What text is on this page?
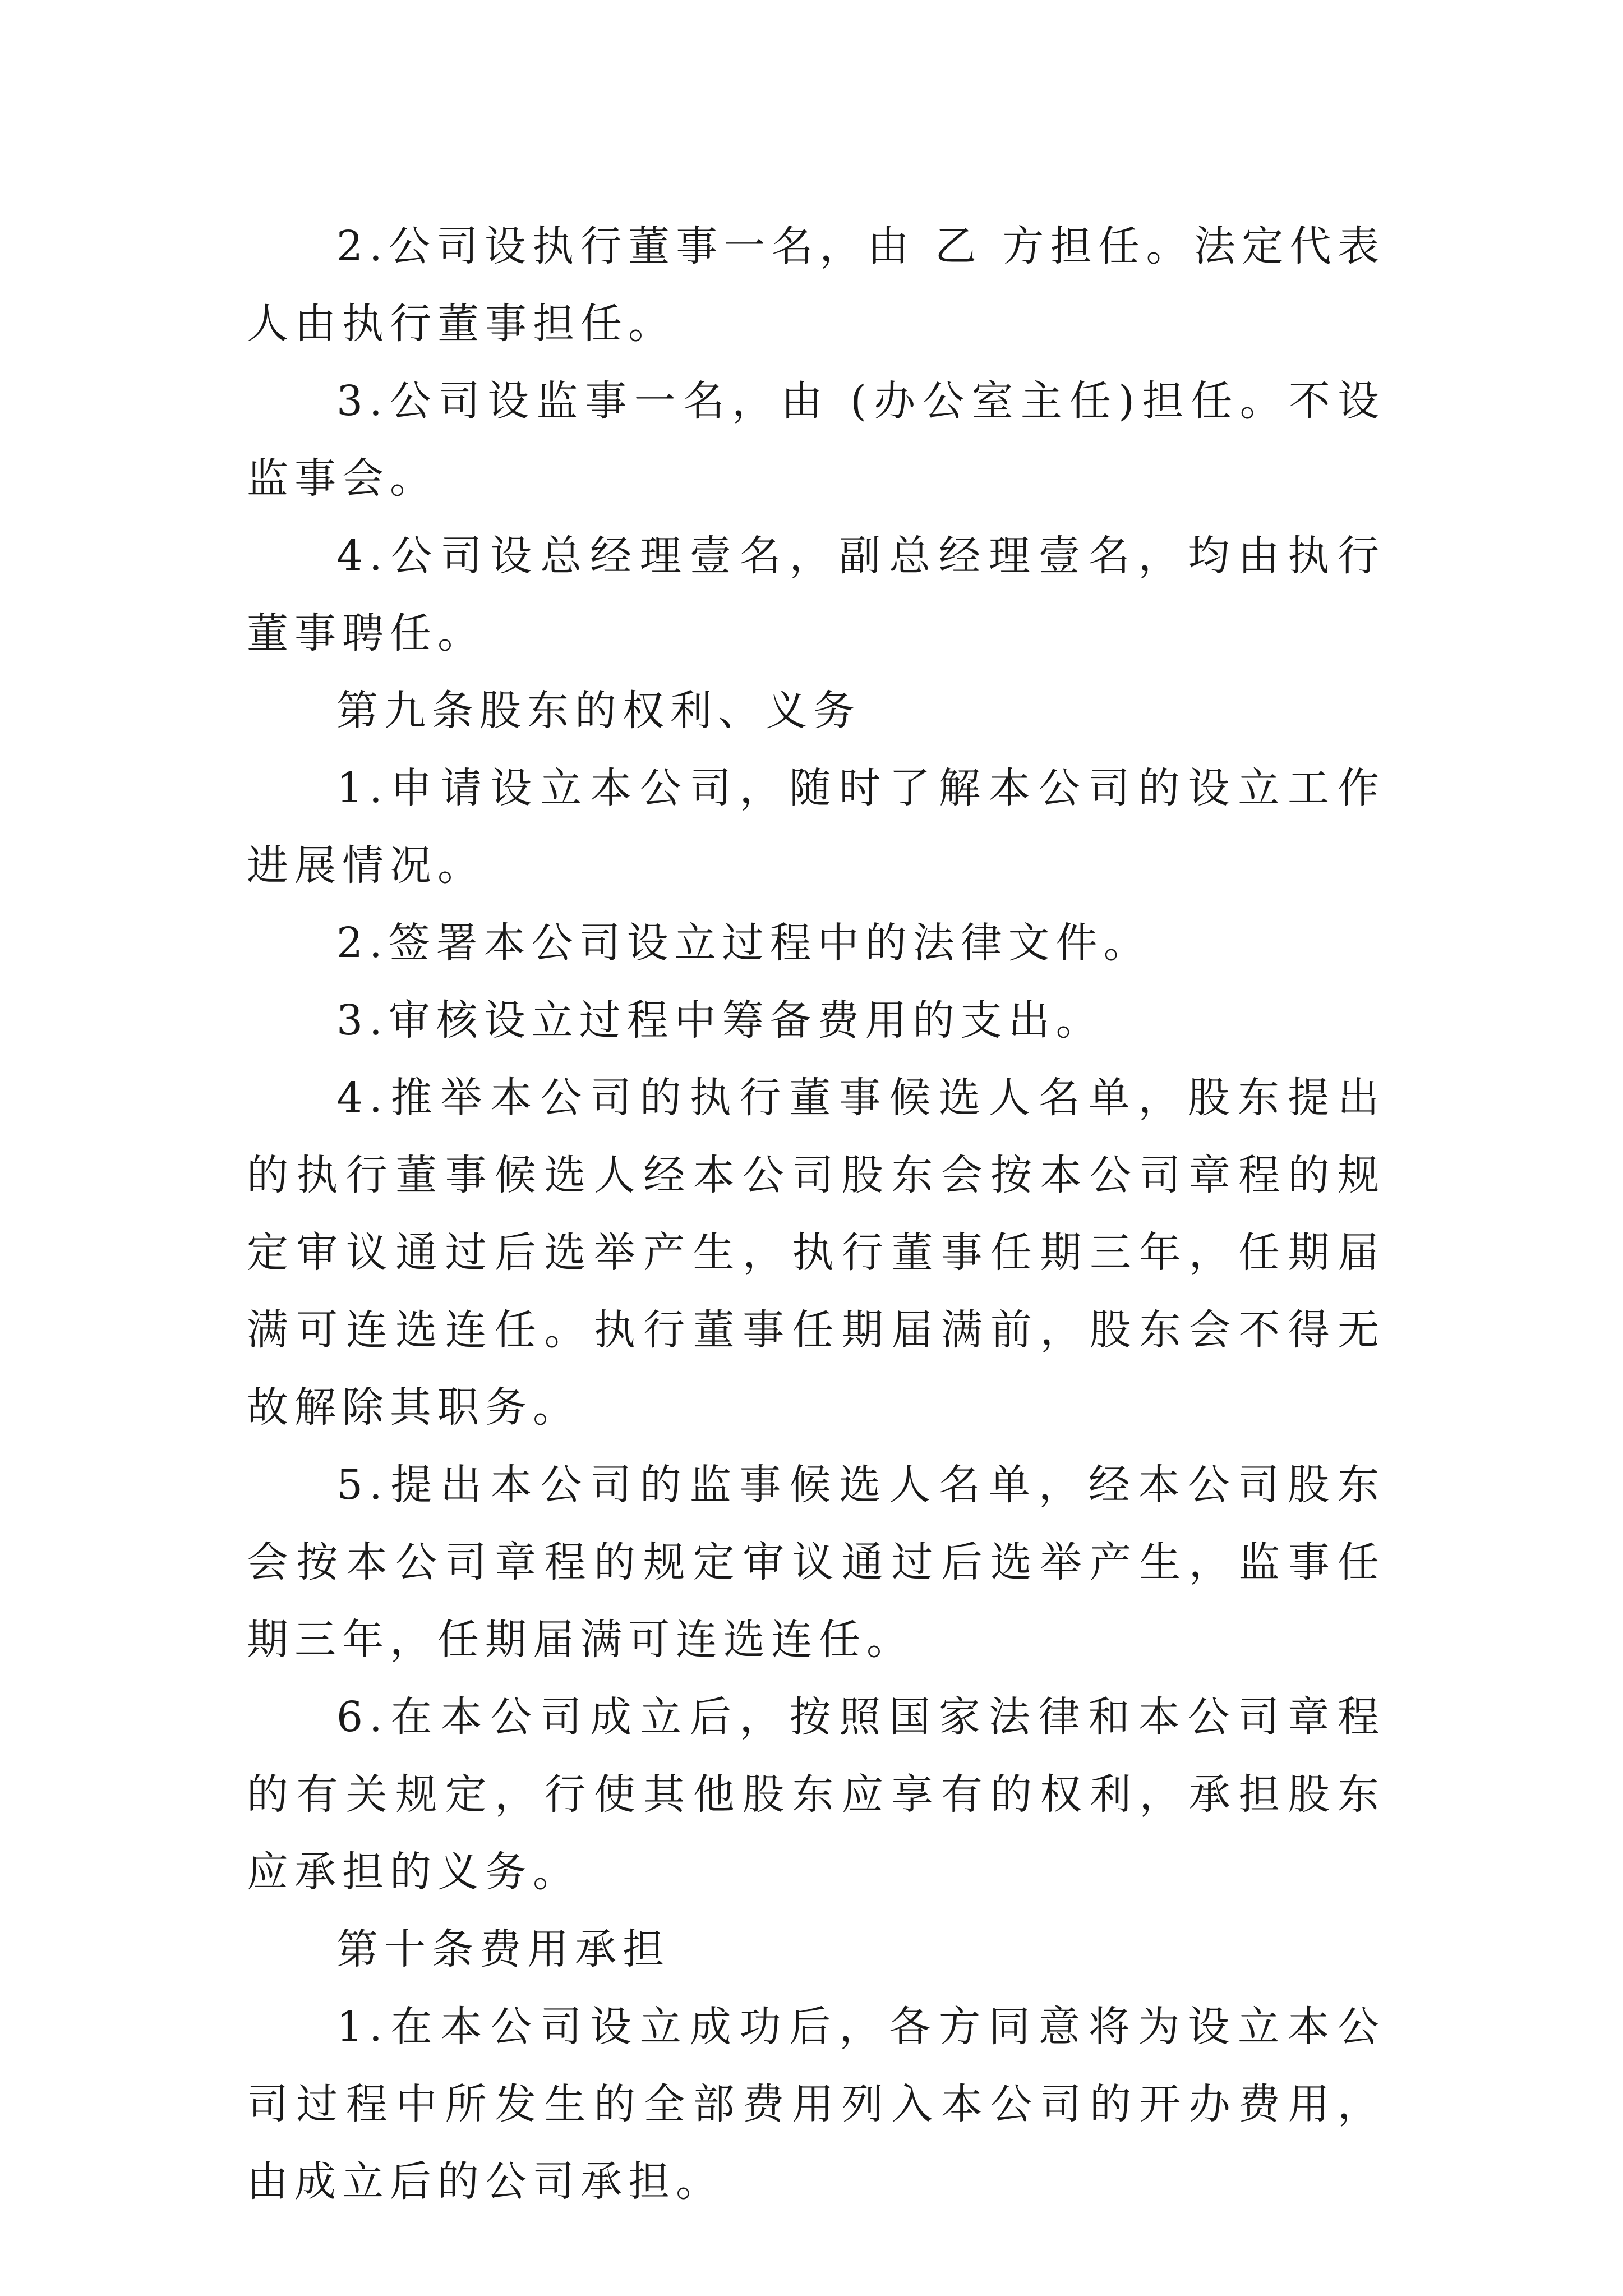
2.公司设执行董事一名，由 乙 方担任。法定代表人由执行董事担任。

3.公司设监事一名，由 (办公室主任)担任。不设监事会。

4.公司设总经理壹名，副总经理壹名，均由执行董事聘任。

第九条股东的权利、义务

1.申请设立本公司，随时了解本公司的设立工作进展情况。

2.签署本公司设立过程中的法律文件。

3.审核设立过程中筹备费用的支出。

4.推举本公司的执行董事候选人名单，股东提出的执行董事候选人经本公司股东会按本公司章程的规定审议通过后选举产生，执行董事任期三年，任期届满可连选连任。执行董事任期届满前，股东会不得无故解除其职务。

5.提出本公司的监事候选人名单，经本公司股东会按本公司章程的规定审议通过后选举产生，监事任期三年，任期届满可连选连任。

6.在本公司成立后，按照国家法律和本公司章程的有关规定，行使其他股东应享有的权利，承担股东应承担的义务。

第十条费用承担

1.在本公司设立成功后，各方同意将为设立本公司过程中所发生的全部费用列入本公司的开办费用，由成立后的公司承担。
